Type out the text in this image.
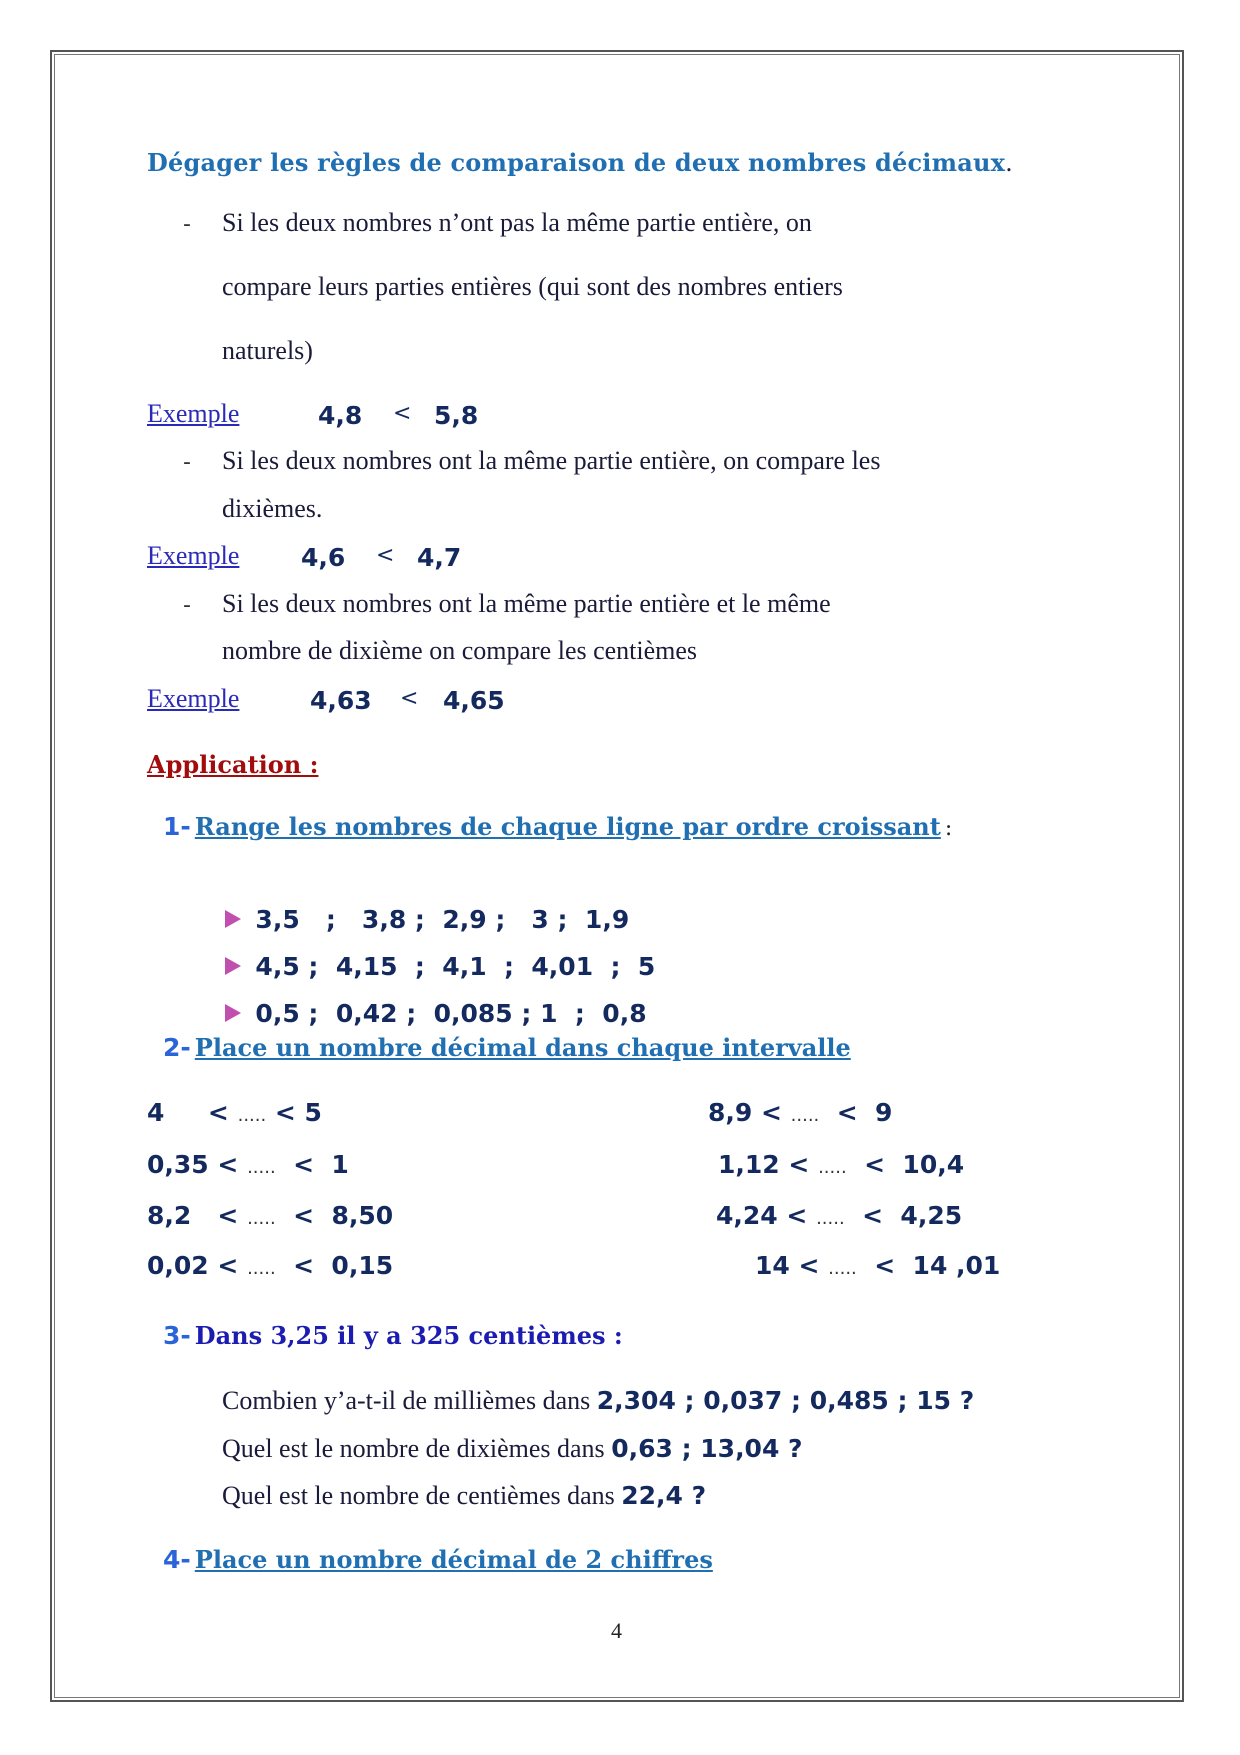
Dégager les règles de comparaison de deux nombres décimaux.
- Si les deux nombres n’ont pas la même partie entière, on
compare leurs parties entières (qui sont des nombres entiers
naturels)
Exemple	4,8 < 5,8
- Si les deux nombres ont la même partie entière, on compare les
dixièmes.
Exemple 4,6 < 4,7
- Si les deux nombres ont la même partie entière et le même
nombre de dixième on compare les centièmes
Exemple	4,63 < 4,65
Application :
1- Range les nombres de chaque ligne par ordre croissant :

3,5   ;   3,8 ;  2,9 ;   3 ;  1,9

4,5 ;  4,15  ;  4,1  ;  4,01  ;  5

0,5 ;  0,42 ;  0,085 ; 1  ;  0,8

2- Place un nombre décimal dans chaque intervalle
4     < ..... < 5
0,35 < .....  <  1
8,2   < .....  <  8,50
0,02 < .....  <  0,15
8,9 < .....  <  9
1,12 < .....  <  10,4
4,24 < .....  <  4,25
14 < .....  <  14 ,01
3- Dans 3,25 il y a 325 centièmes :
Combien y’a-t-il de millièmes dans 2,304 ; 0,037 ; 0,485 ; 15 ?
Quel est le nombre de dixièmes dans 0,63 ; 13,04 ?
Quel est le nombre de centièmes dans 22,4 ?
4- Place un nombre décimal de 2 chiffres
4
